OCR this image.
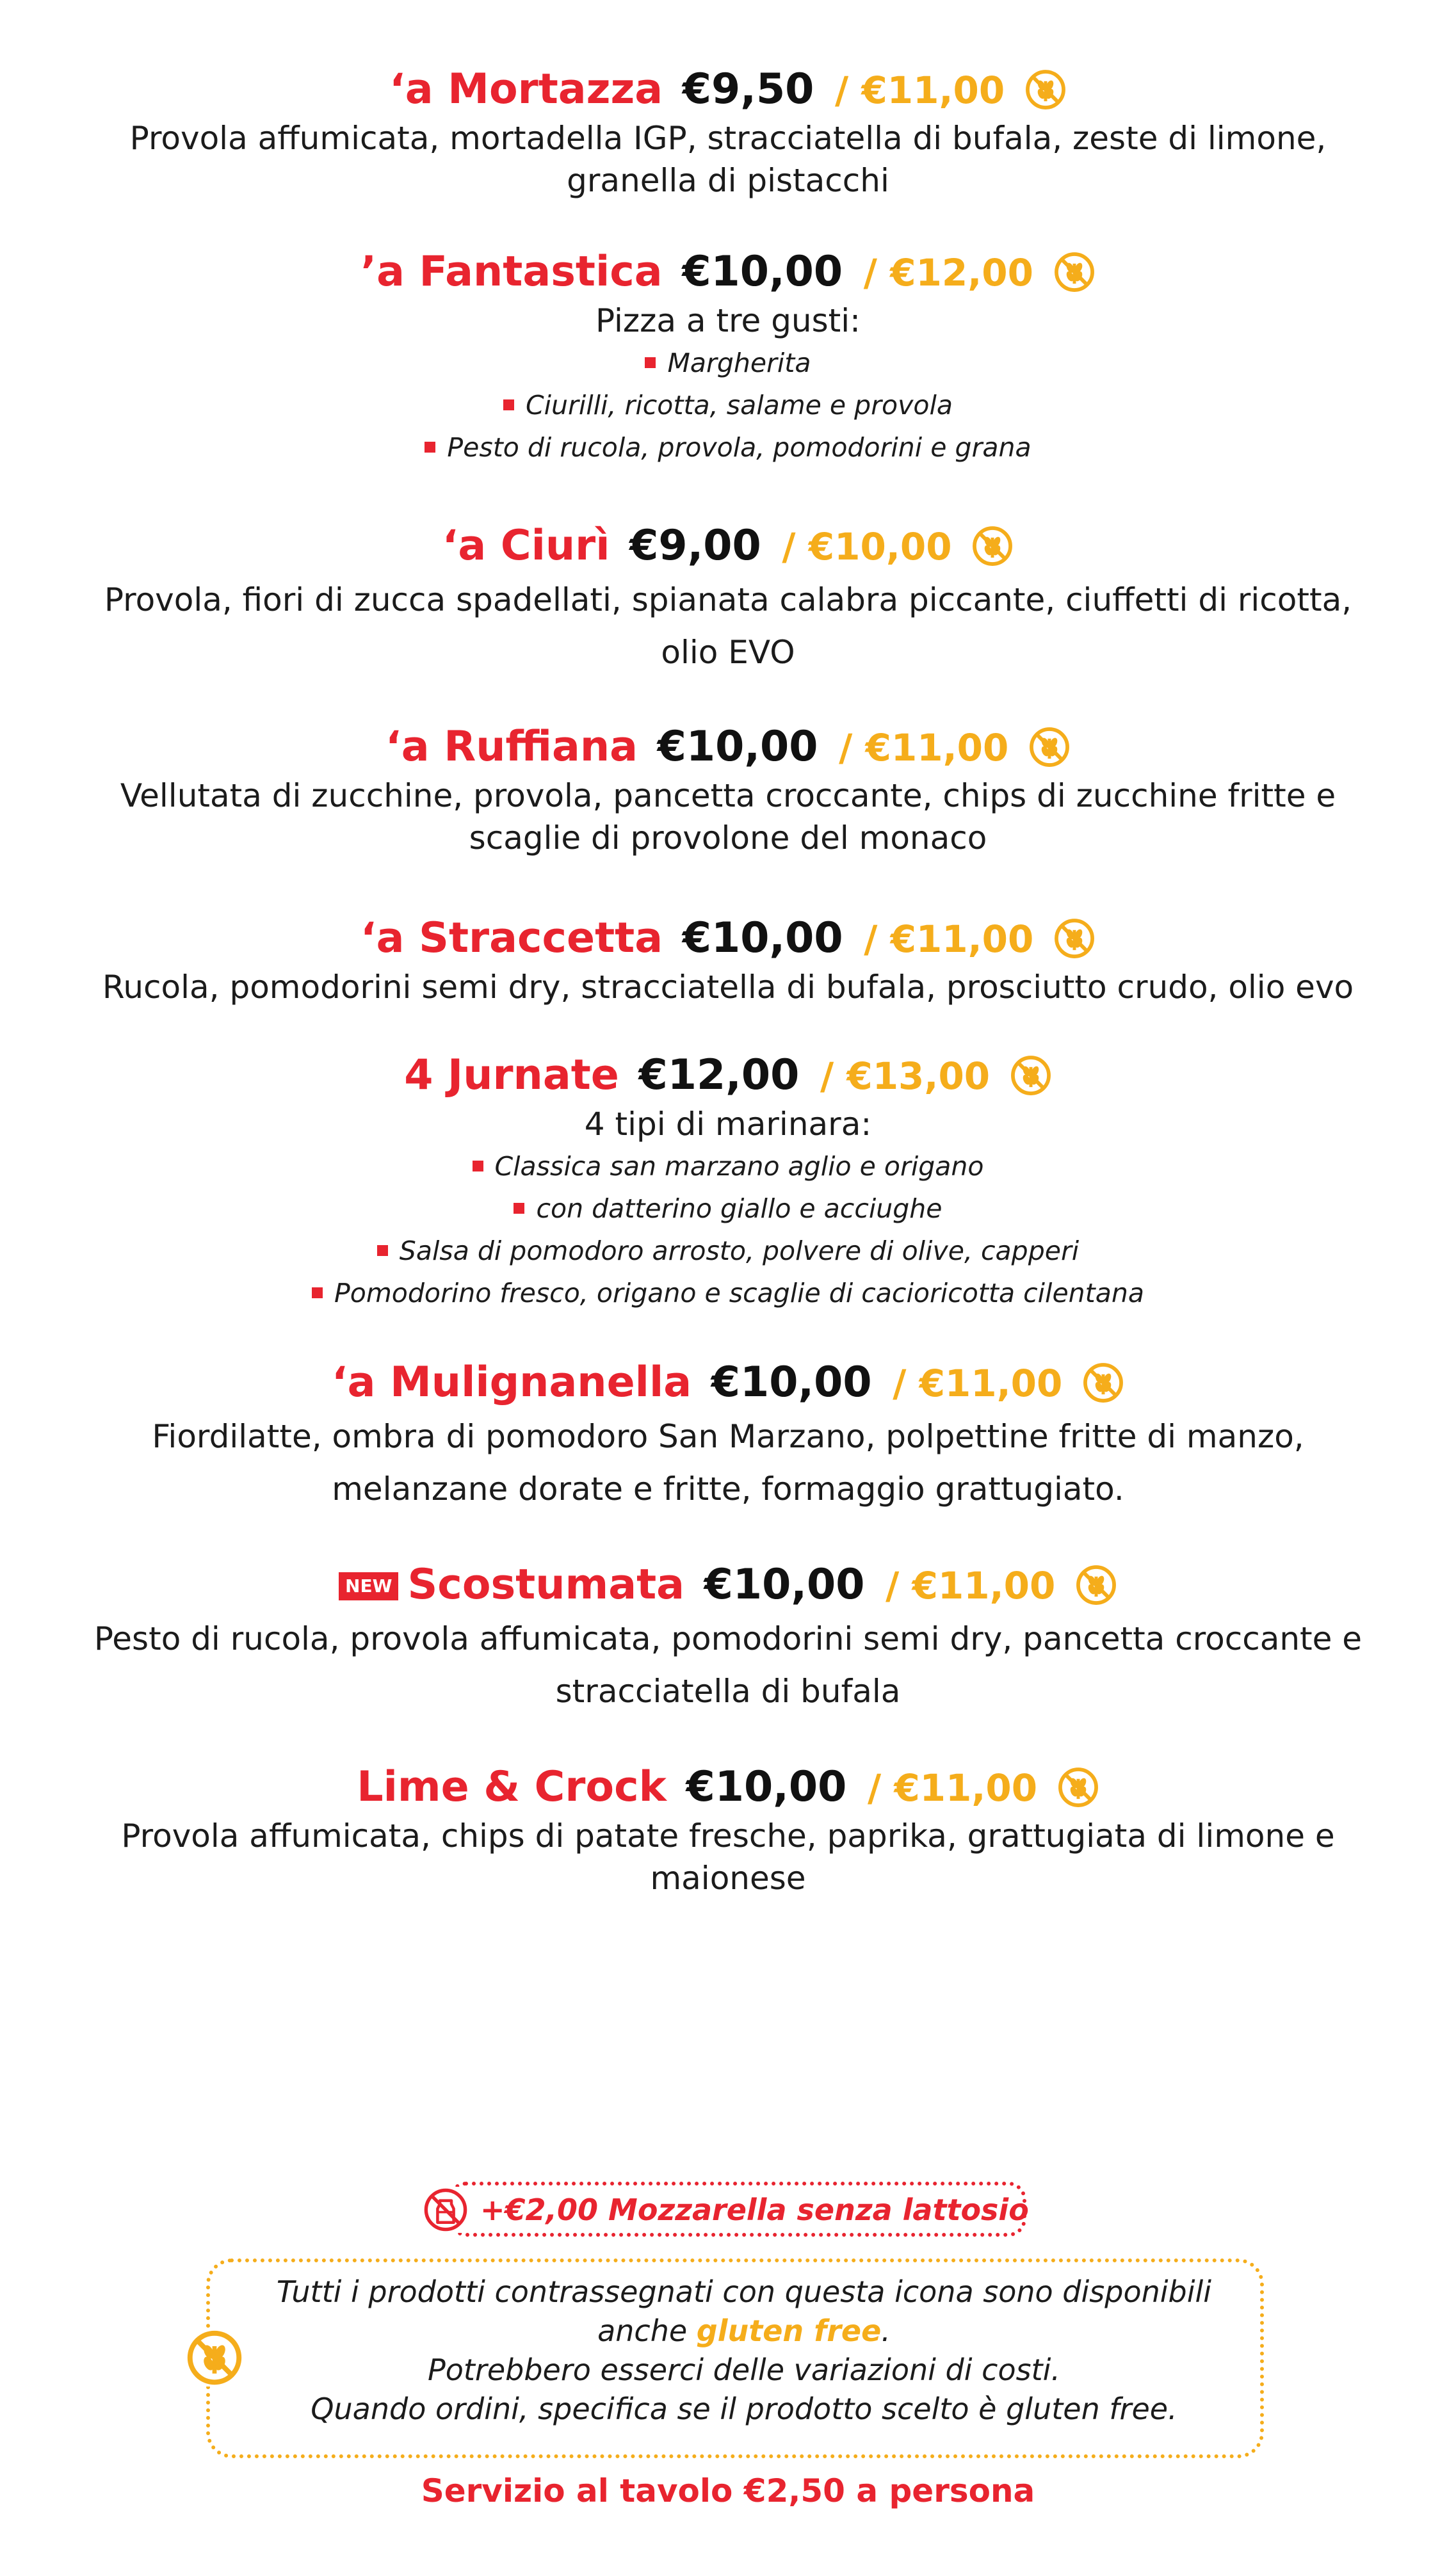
‘a Mortazza €9,50 / €11,00
Provola affumicata, mortadella IGP, stracciatella di bufala, zeste di limone, granella di pistacchi
’a Fantastica €10,00 / €12,00
Pizza a tre gusti:
Margherita
Ciurilli, ricotta, salame e provola
Pesto di rucola, provola, pomodorini e grana
‘a Ciurì €9,00 / €10,00
Provola, fiori di zucca spadellati, spianata calabra piccante, ciuffetti di ricotta, olio EVO
‘a Ruffiana €10,00 / €11,00
Vellutata di zucchine, provola, pancetta croccante, chips di zucchine fritte e scaglie di provolone del monaco
‘a Straccetta €10,00 / €11,00
Rucola, pomodorini semi dry, stracciatella di bufala, prosciutto crudo, olio evo
4 Jurnate €12,00 / €13,00
4 tipi di marinara:
Classica san marzano aglio e origano
con datterino giallo e acciughe
Salsa di pomodoro arrosto, polvere di olive, capperi
Pomodorino fresco, origano e scaglie di cacioricotta cilentana
‘a Mulignanella €10,00 / €11,00
Fiordilatte, ombra di pomodoro San Marzano, polpettine fritte di manzo, melanzane dorate e fritte, formaggio grattugiato.
NEW Scostumata €10,00 / €11,00
Pesto di rucola, provola affumicata, pomodorini semi dry, pancetta croccante e stracciatella di bufala
Lime & Crock €10,00 / €11,00
Provola affumicata, chips di patate fresche, paprika, grattugiata di limone e maionese
+€2,00 Mozzarella senza lattosio
Tutti i prodotti contrassegnati con questa icona sono disponibili
anche gluten free.
Potrebbero esserci delle variazioni di costi.
Quando ordini, specifica se il prodotto scelto è gluten free.
Servizio al tavolo €2,50 a persona
